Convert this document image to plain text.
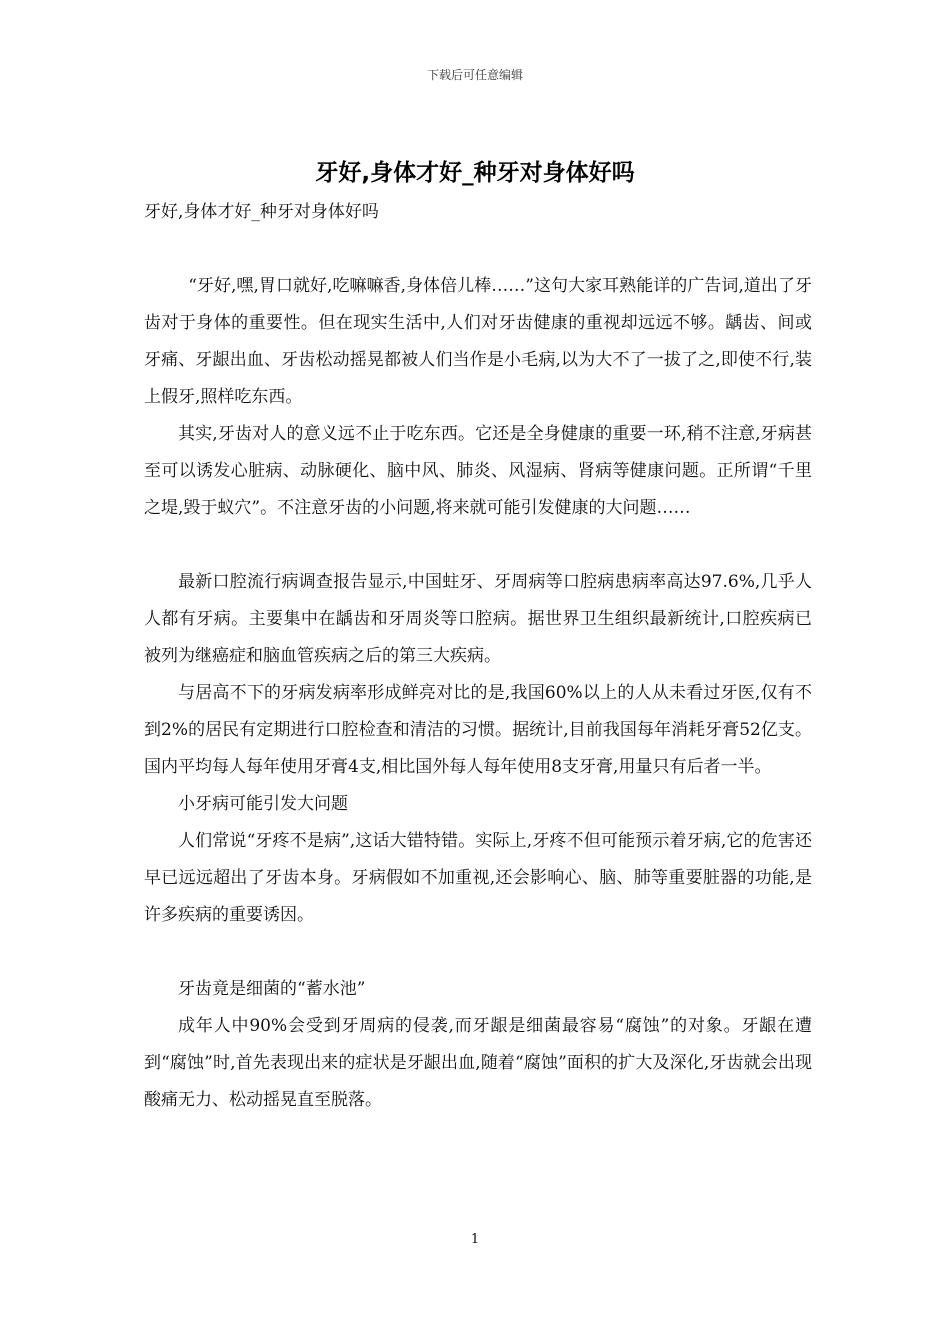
下载后可任意编辑
牙好,身体才好_种牙对身体好吗
牙好,身体才好_种牙对身体好吗

“牙好,嘿,胃口就好,吃嘛嘛香,身体倍儿棒……”这句大家耳熟能详的广告词,道出了牙齿对于身体的重要性。但在现实生活中,人们对牙齿健康的重视却远远不够。龋齿、间或牙痛、牙龈出血、牙齿松动摇晃都被人们当作是小毛病,以为大不了一拔了之,即使不行,装上假牙,照样吃东西。

其实,牙齿对人的意义远不止于吃东西。它还是全身健康的重要一环,稍不注意,牙病甚至可以诱发心脏病、动脉硬化、脑中风、肺炎、风湿病、肾病等健康问题。正所谓“千里之堤,毁于蚁穴”。不注意牙齿的小问题,将来就可能引发健康的大问题……

最新口腔流行病调查报告显示,中国蛀牙、牙周病等口腔病患病率高达97.6%,几乎人人都有牙病。主要集中在龋齿和牙周炎等口腔病。据世界卫生组织最新统计,口腔疾病已被列为继癌症和脑血管疾病之后的第三大疾病。

与居高不下的牙病发病率形成鲜亮对比的是,我国60%以上的人从未看过牙医,仅有不到2%的居民有定期进行口腔检查和清洁的习惯。据统计,目前我国每年消耗牙膏52亿支。国内平均每人每年使用牙膏4支,相比国外每人每年使用8支牙膏,用量只有后者一半。

小牙病可能引发大问题

人们常说“牙疼不是病”,这话大错特错。实际上,牙疼不但可能预示着牙病,它的危害还早已远远超出了牙齿本身。牙病假如不加重视,还会影响心、脑、肺等重要脏器的功能,是许多疾病的重要诱因。

牙齿竟是细菌的“蓄水池”

成年人中90%会受到牙周病的侵袭,而牙龈是细菌最容易“腐蚀”的对象。牙龈在遭到“腐蚀”时,首先表现出来的症状是牙龈出血,随着“腐蚀”面积的扩大及深化,牙齿就会出现酸痛无力、松动摇晃直至脱落。

1
